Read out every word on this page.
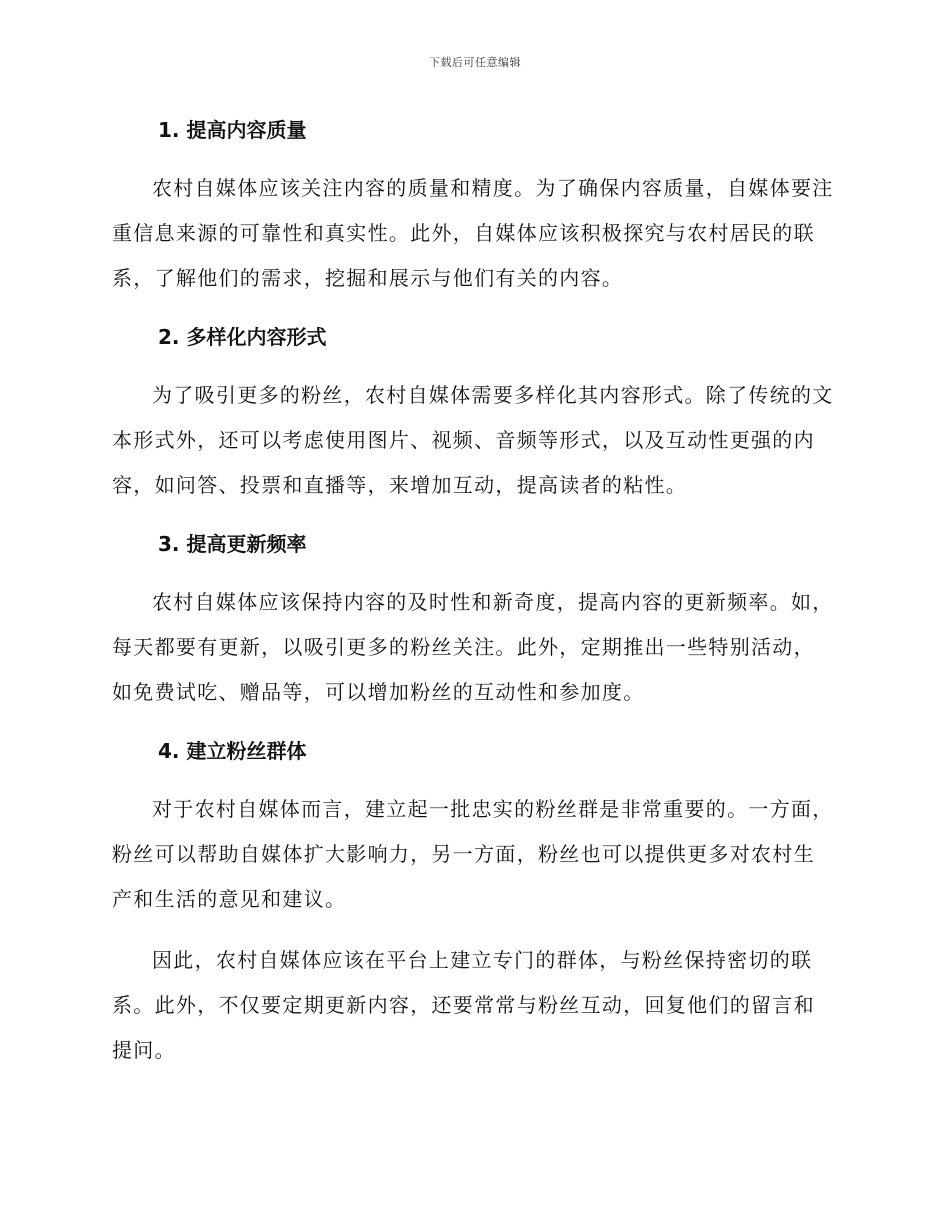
下载后可任意编辑
1. 提高内容质量

农村自媒体应该关注内容的质量和精度。为了确保内容质量，自媒体要注重信息来源的可靠性和真实性。此外，自媒体应该积极探究与农村居民的联系，了解他们的需求，挖掘和展示与他们有关的内容。

2. 多样化内容形式

为了吸引更多的粉丝，农村自媒体需要多样化其内容形式。除了传统的文本形式外，还可以考虑使用图片、视频、音频等形式，以及互动性更强的内容，如问答、投票和直播等，来增加互动，提高读者的粘性。

3. 提高更新频率

农村自媒体应该保持内容的及时性和新奇度，提高内容的更新频率。如，每天都要有更新，以吸引更多的粉丝关注。此外，定期推出一些特别活动，如免费试吃、赠品等，可以增加粉丝的互动性和参加度。

4. 建立粉丝群体

对于农村自媒体而言，建立起一批忠实的粉丝群是非常重要的。一方面，粉丝可以帮助自媒体扩大影响力，另一方面，粉丝也可以提供更多对农村生产和生活的意见和建议。

因此，农村自媒体应该在平台上建立专门的群体，与粉丝保持密切的联系。此外，不仅要定期更新内容，还要常常与粉丝互动，回复他们的留言和提问。
